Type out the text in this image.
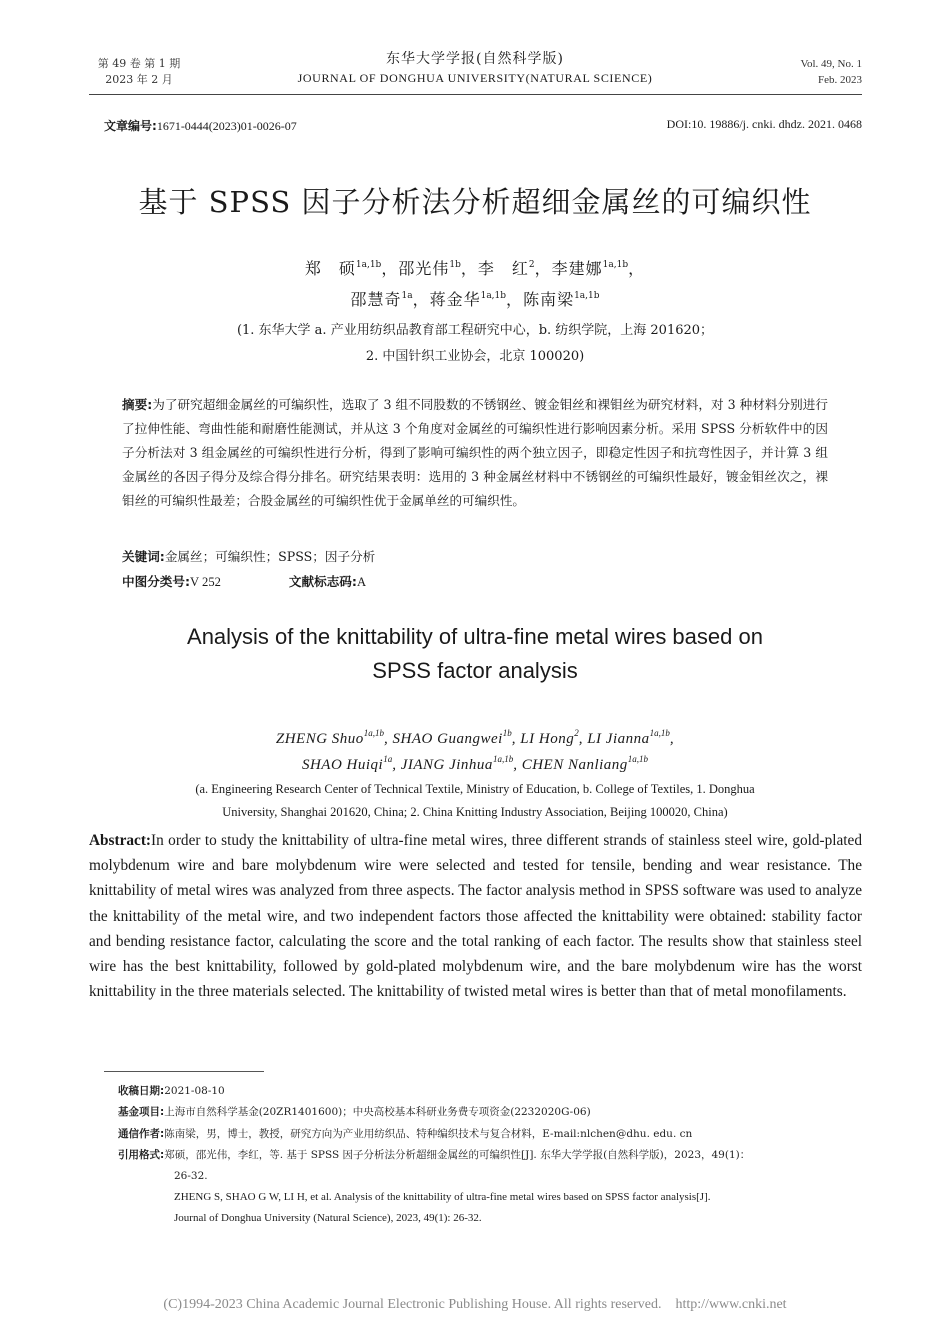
第 49 卷 第 1 期
2023 年 2 月
东华大学学报(自然科学版)
JOURNAL OF DONGHUA UNIVERSITY(NATURAL SCIENCE)
Vol. 49, No. 1
Feb. 2023
文章编号:1671-0444(2023)01-0026-07	DOI:10. 19886/j. cnki. dhdz. 2021. 0468
基于 SPSS 因子分析法分析超细金属丝的可编织性
郑　硕$^{1a,1b}$，邵光伟$^{1b}$，李　红$^2$，李建娜$^{1a,1b}$，
邵慧奇$^{1a}$，蒋金华$^{1a,1b}$，陈南梁$^{1a,1b}$
(1. 东华大学 a. 产业用纺织品教育部工程研究中心，b. 纺织学院，上海 201620；
2. 中国针织工业协会，北京 100020)
摘要:为了研究超细金属丝的可编织性，选取了 3 组不同股数的不锈钢丝、镀金钼丝和裸钼丝为研究材料，对 3 种材料分别进行了拉伸性能、弯曲性能和耐磨性能测试，并从这 3 个角度对金属丝的可编织性进行影响因素分析。采用 SPSS 分析软件中的因子分析法对 3 组金属丝的可编织性进行分析，得到了影响可编织性的两个独立因子，即稳定性因子和抗弯性因子，并计算 3 组金属丝的各因子得分及综合得分排名。研究结果表明：选用的 3 种金属丝材料中不锈钢丝的可编织性最好，镀金钼丝次之，裸钼丝的可编织性最差；合股金属丝的可编织性优于金属单丝的可编织性。
关键词:金属丝；可编织性；SPSS；因子分析
中图分类号:V 252	文献标志码:A
Analysis of the knittability of ultra-fine metal wires based on
SPSS factor analysis
ZHENG Shuo$^{1a,1b}$, SHAO Guangwei$^{1b}$, LI Hong$^2$, LI Jianna$^{1a,1b}$,
SHAO Huiqi$^{1a}$, JIANG Jinhua$^{1a,1b}$, CHEN Nanliang$^{1a,1b}$
(a. Engineering Research Center of Technical Textile, Ministry of Education, b. College of Textiles, 1. Donghua
Abstract:In order to study the knittability of ultra-fine metal wires, three different strands of stainless steel wire, gold-plated molybdenum wire and bare molybdenum wire were selected and tested for tensile, bending and wear resistance. The knittability of metal wires was analyzed from three aspects. The factor analysis method in SPSS software was used to analyze the knittability of the metal wire, and two independent factors those affected the knittability were obtained: stability factor and bending resistance factor, calculating the score and the total ranking of each factor. The results show that stainless steel wire has the best knittability, followed by gold-plated molybdenum wire, and the bare molybdenum wire has the worst knittability in the three materials selected. The knittability of twisted metal wires is better than that of metal monofilaments.
University, Shanghai 201620, China; 2. China Knitting Industry Association, Beijing 100020, China)
收稿日期:2021-08-10
基金项目:上海市自然科学基金(20ZR1401600)；中央高校基本科研业务费专项资金(2232020G-06)
通信作者:陈南梁，男，博士，教授，研究方向为产业用纺织品、特种编织技术与复合材料，E-mail:nlchen@dhu. edu. cn
引用格式:郑硕，邵光伟，李红，等. 基于 SPSS 因子分析法分析超细金属丝的可编织性[J]. 东华大学学报(自然科学版)，2023，49(1)：
26-32.
ZHENG S, SHAO G W, LI H, et al. Analysis of the knittability of ultra-fine metal wires based on SPSS factor analysis[J].
Journal of Donghua University (Natural Science), 2023, 49(1): 26-32.
(C)1994-2023 China Academic Journal Electronic Publishing House. All rights reserved.    http://www.cnki.net
